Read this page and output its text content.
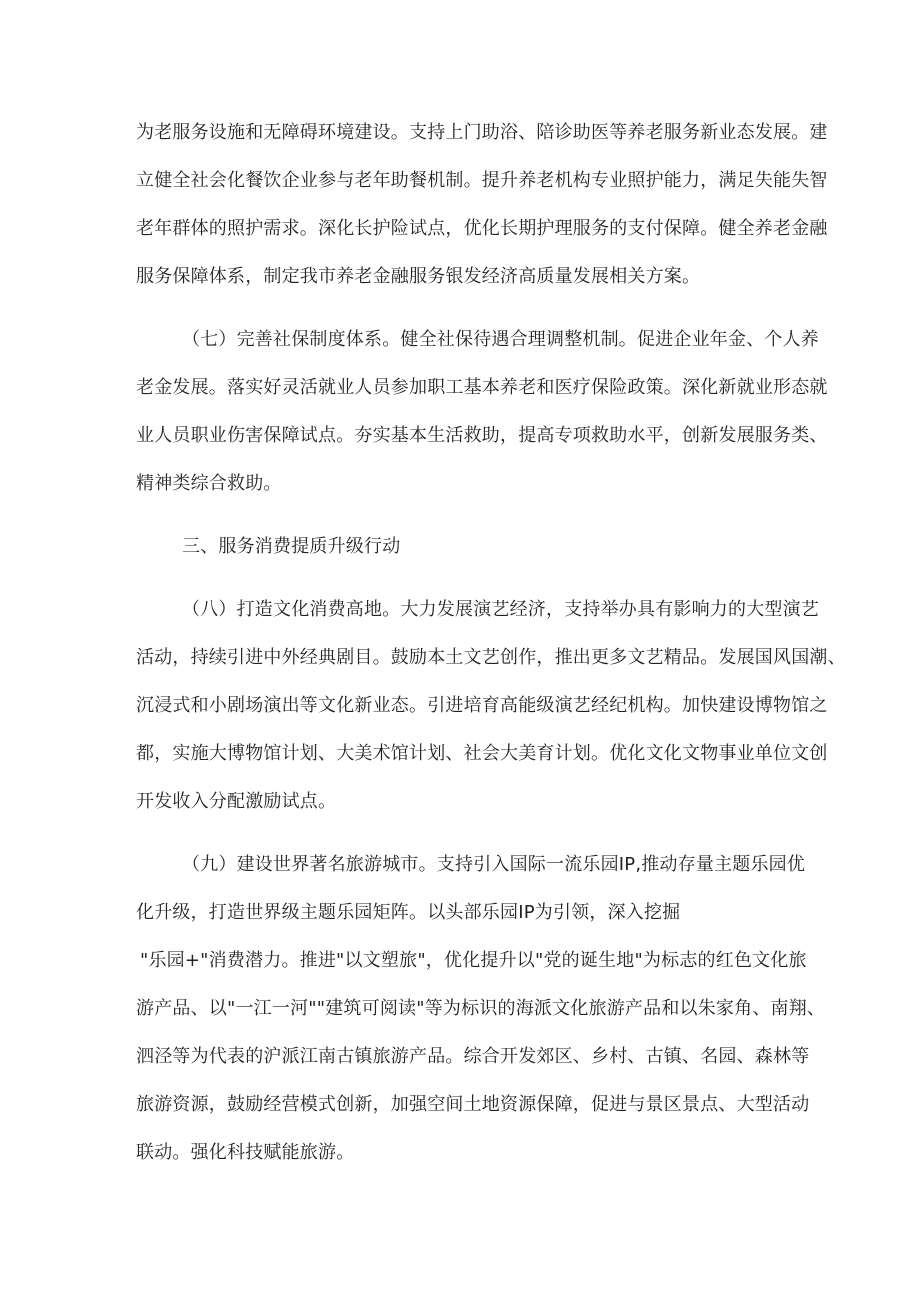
为老服务设施和无障碍环境建设。支持上门助浴、陪诊助医等养老服务新业态发展。建
立健全社会化餐饮企业参与老年助餐机制。提升养老机构专业照护能力，满足失能失智
老年群体的照护需求。深化长护险试点，优化长期护理服务的支付保障。健全养老金融
服务保障体系，制定我市养老金融服务银发经济高质量发展相关方案。
（七）完善社保制度体系。健全社保待遇合理调整机制。促进企业年金、个人养
老金发展。落实好灵活就业人员参加职工基本养老和医疗保险政策。深化新就业形态就
业人员职业伤害保障试点。夯实基本生活救助，提高专项救助水平，创新发展服务类、
精神类综合救助。
三、服务消费提质升级行动
（八）打造文化消费高地。大力发展演艺经济，支持举办具有影响力的大型演艺
活动，持续引进中外经典剧目。鼓励本土文艺创作，推出更多文艺精品。发展国风国潮、
沉浸式和小剧场演出等文化新业态。引进培育高能级演艺经纪机构。加快建设博物馆之
都，实施大博物馆计划、大美术馆计划、社会大美育计划。优化文化文物事业单位文创
开发收入分配激励试点。
（九）建设世界著名旅游城市。支持引入国际一流乐园IP,推动存量主题乐园优
化升级，打造世界级主题乐园矩阵。以头部乐园IP为引领，深入挖掘
"乐园+"消费潜力。推进"以文塑旅"，优化提升以"党的诞生地"为标志的红色文化旅
游产品、以"一江一河""建筑可阅读"等为标识的海派文化旅游产品和以朱家角、南翔、
泗泾等为代表的沪派江南古镇旅游产品。综合开发郊区、乡村、古镇、名园、森林等
旅游资源，鼓励经营模式创新，加强空间土地资源保障，促进与景区景点、大型活动
联动。强化科技赋能旅游。
